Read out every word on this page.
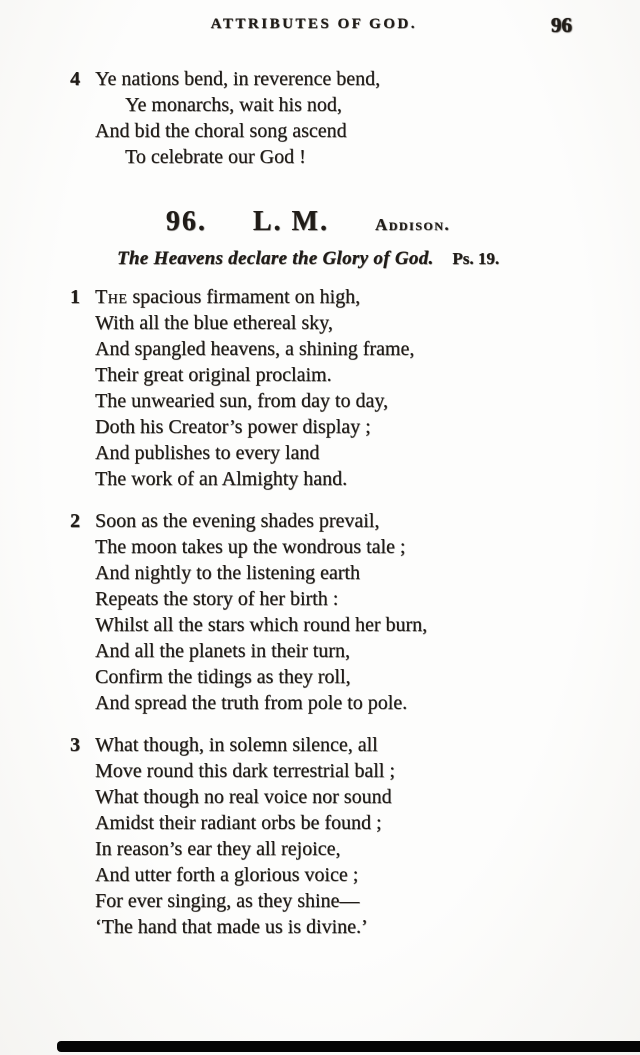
ATTRIBUTES OF GOD.	96
4 Ye nations bend, in reverence bend,
Ye monarchs, wait his nod,
And bid the choral song ascend
To celebrate our God !
96. L. M.	Addison.
The Heavens declare the Glory of God. Ps. 19.
1 The spacious firmament on high,
With all the blue ethereal sky,
And spangled heavens, a shining frame,
Their great original proclaim.
The unwearied sun, from day to day,
Doth his Creator’s power display ;
And publishes to every land
The work of an Almighty hand.
2 Soon as the evening shades prevail,
The moon takes up the wondrous tale ;
And nightly to the listening earth
Repeats the story of her birth :
Whilst all the stars which round her burn,
And all the planets in their turn,
Confirm the tidings as they roll,
And spread the truth from pole to pole.
3 What though, in solemn silence, all
Move round this dark terrestrial ball ;
What though no real voice nor sound
Amidst their radiant orbs be found ;
In reason’s ear they all rejoice,
And utter forth a glorious voice ;
For ever singing, as they shine—
‘The hand that made us is divine.’
